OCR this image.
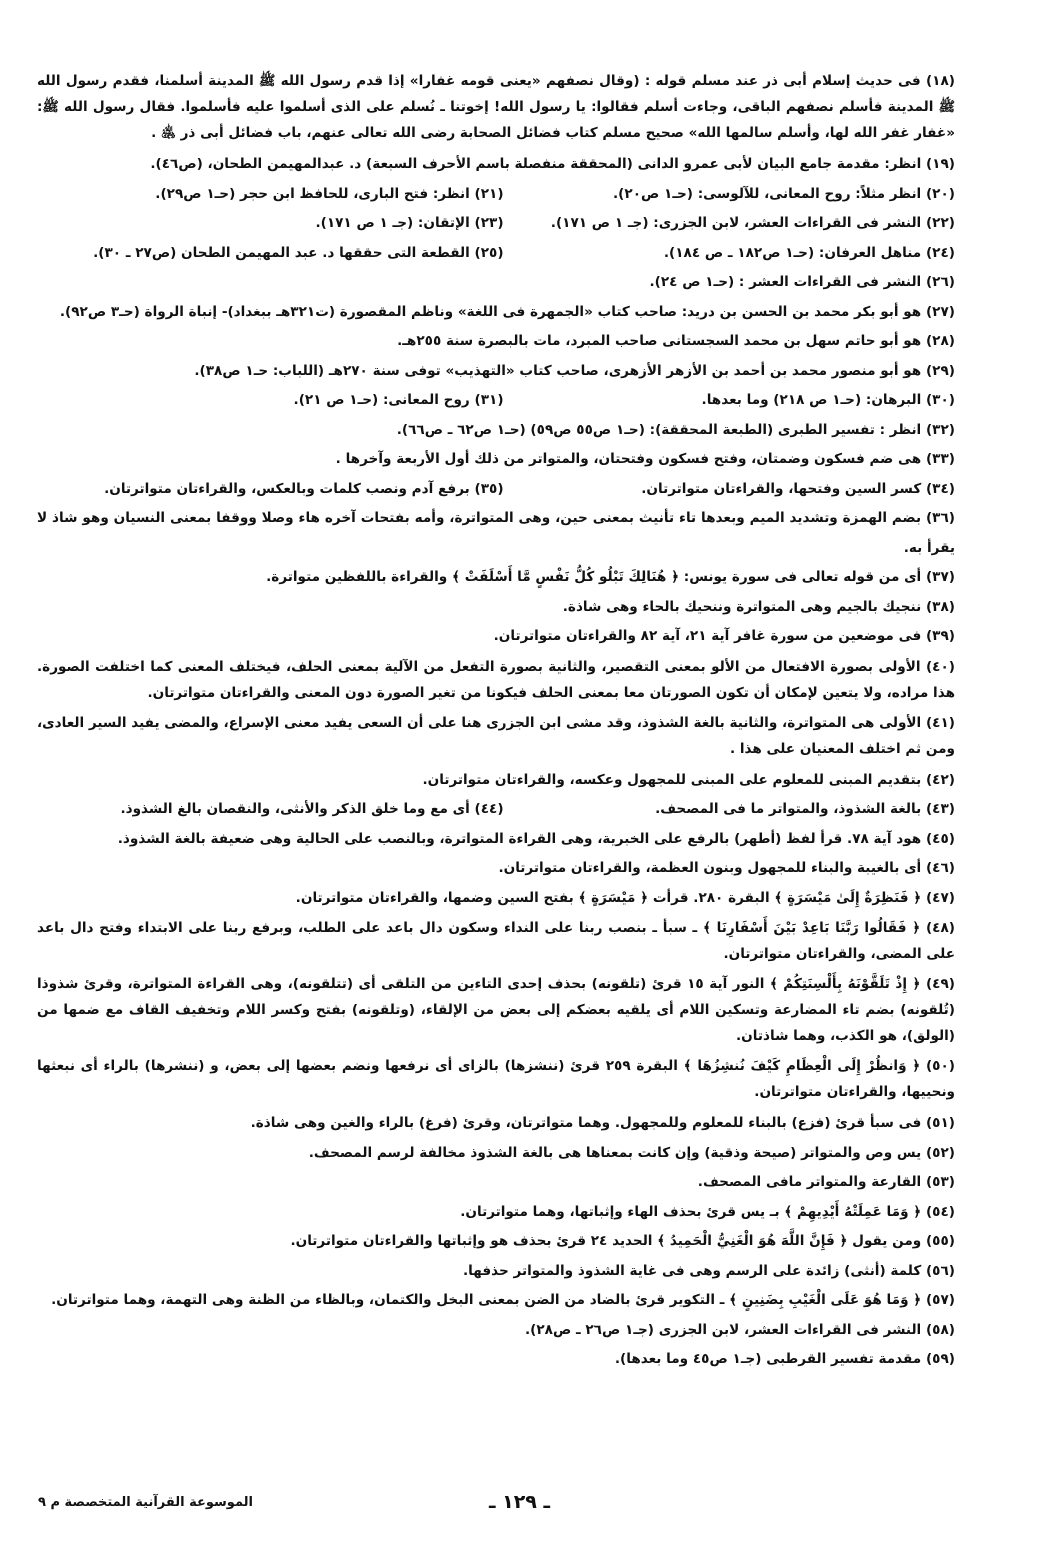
(١٨) فى حديث إسلام أبى ذر عند مسلم قوله : (وقال نصفهم «يعنى قومه غفارا» إذا قدم رسول الله ﷺ المدينة أسلمنا، فقدم رسول الله ﷺ المدينة فأسلم نصفهم الباقى، وجاءت أسلم فقالوا: يا رسول الله! إخوتنا ـ نُسلم على الذى أسلموا عليه فأسلموا. فقال رسول الله ﷺ: «غفار غفر الله لها، وأسلم سالمها الله» صحيح مسلم كتاب فضائل الصحابة رضى الله تعالى عنهم، باب فضائل أبى ذر ﵁ .
(١٩) انظر: مقدمة جامع البيان لأبى عمرو الدانى (المحققة منفصلة باسم الأحرف السبعة) د. عبدالمهيمن الطحان، (ص٤٦).
(٢٠) انظر مثلاً: روح المعانى، للآلوسى: (حـ١ ص٢٠).
(٢١) انظر: فتح البارى، للحافظ ابن حجر (حـ١ ص٢٩).
(٢٢) النشر فى القراءات العشر، لابن الجزرى: (جـ ١ ص ١٧١).
(٢٣) الإتقان: (جـ ١ ص ١٧١).
(٢٤) مناهل العرفان: (حـ١ ص١٨٢ ـ ص ١٨٤).
(٢٥) القطعة التى حققها د. عبد المهيمن الطحان (ص٢٧ ـ ٣٠).
(٢٦) النشر فى القراءات العشر : (حـ١ ص ٢٤).
(٢٧) هو أبو بكر محمد بن الحسن بن دريد: صاحب كتاب «الجمهرة فى اللغة» وناظم المقصورة (ت٣٢١هـ ببغداد)- إنباة الرواة (حـ٣ ص٩٢).
(٢٨) هو أبو حاتم سهل بن محمد السجستانى صاحب المبرد، مات بالبصرة سنة ٢٥٥هـ.
(٢٩) هو أبو منصور محمد بن أحمد بن الأزهر الأزهرى، صاحب كتاب «التهذيب» توفى سنة ٢٧٠هـ (اللباب: حـ١ ص٣٨).
(٣٠) البرهان: (حـ١ ص ٢١٨) وما بعدها.
(٣١) روح المعانى: (حـ١ ص ٢١).
(٣٢) انظر : تفسير الطبرى (الطبعة المحققة): (حـ١ ص٥٥ ص٥٩) (حـ١ ص٦٢ ـ ص٦٦).
(٣٣) هى ضم فسكون وضمتان، وفتح فسكون وفتحتان، والمتواتر من ذلك أول الأربعة وآخرها .
(٣٤) كسر السين وفتحها، والقراءتان متواترتان.
(٣٥) برفع آدم ونصب كلمات وبالعكس، والقراءتان متواترتان.
(٣٦) بضم الهمزة وتشديد الميم وبعدها تاء تأنيث بمعنى حين، وهى المتواترة، وأمه بفتحات آخره هاء وصلا ووقفا بمعنى النسيان وهو شاذ لا يقرأ به.
(٣٧) أى من قوله تعالى فى سورة يونس: ﴿ هُنَالِكَ تَبْلُو كُلُّ نَفْسٍ مَّا أَسْلَفَتْ ﴾ والقراءة باللفظين متواترة.
(٣٨) ننجيك بالجيم وهى المتواترة وننحيك بالحاء وهى شاذة.
(٣٩) فى موضعين من سورة غافر آية ٢١، آية ٨٢ والقراءتان متواترتان.
(٤٠) الأولى بصورة الافتعال من الألو بمعنى التقصير، والثانية بصورة التفعل من الآلية بمعنى الحلف، فيختلف المعنى كما اختلفت الصورة. هذا مراده، ولا يتعين لإمكان أن تكون الصورتان معا بمعنى الحلف فيكونا من تغير الصورة دون المعنى والقراءتان متواترتان.
(٤١) الأولى هى المتواترة، والثانية بالغة الشذوذ، وقد مشى ابن الجزرى هنا على أن السعى يفيد معنى الإسراع، والمضى يفيد السير العادى، ومن ثم اختلف المعنيان على هذا .
(٤٢) بتقديم المبنى للمعلوم على المبنى للمجهول وعكسه، والقراءتان متواترتان.
(٤٣) بالغة الشذوذ، والمتواتر ما فى المصحف.
(٤٤) أى مع وما خلق الذكر والأنثى، والنقصان بالغ الشذوذ.
(٤٥) هود آية ٧٨. قرأ لفظ (أطهر) بالرفع على الخبرية، وهى القراءة المتواترة، وبالنصب على الحالية وهى ضعيفة بالغة الشذوذ.
(٤٦) أى بالغيبة والبناء للمجهول وبنون العظمة، والقراءتان متواترتان.
(٤٧) ﴿ فَنَظِرَةٌ إِلَىٰ مَيْسَرَةٍ ﴾ البقرة ٢٨٠. قرأت ﴿ مَيْسَرَةٍ ﴾ بفتح السين وضمها، والقراءتان متواترتان.
(٤٨) ﴿ فَقَالُوا رَبَّنَا بَاعِدْ بَيْنَ أَسْفَارِنَا ﴾ ـ سبأ ـ بنصب ربنا على النداء وسكون دال باعد على الطلب، وبرفع ربنا على الابتداء وفتح دال باعد على المضى، والقراءتان متواترتان.
(٤٩) ﴿ إِذْ تَلَقَّوْنَهُ بِأَلْسِنَتِكُمْ ﴾ النور آية ١٥ قرئ (تلقونه) بحذف إحدى التاءين من التلقى أى (تتلقونه)، وهى القراءة المتواترة، وقرئ شذوذا (تُلقونه) بضم تاء المضارعة وتسكين اللام أى يلقيه بعضكم إلى بعض من الإلقاء، (وتلقونه) بفتح وكسر اللام وتخفيف القاف مع ضمها من (الولق)، هو الكذب، وهما شاذتان.
(٥٠) ﴿ وَانظُرْ إِلَى الْعِظَامِ كَيْفَ نُنشِزُهَا ﴾ البقرة ٢٥٩ قرئ (ننشزها) بالزاى أى نرفعها ونضم بعضها إلى بعض، و (ننشرها) بالراء أى نبعثها ونحييها، والقراءتان متواترتان.
(٥١) فى سبأ قرئ (فزع) بالبناء للمعلوم وللمجهول. وهما متواترتان، وقرئ (فرغ) بالراء والغين وهى شاذة.
(٥٢) يس وص والمتواتر (صيحة وذقية) وإن كانت بمعناها هى بالغة الشذوذ مخالفة لرسم المصحف.
(٥٣) القارعة والمتواتر مافى المصحف.
(٥٤) ﴿ وَمَا عَمِلَتْهُ أَيْدِيهِمْ ﴾ بـ يس قرئ بحذف الهاء وإثباتها، وهما متواترتان.
(٥٥) ومن يقول ﴿ فَإِنَّ اللَّهَ هُوَ الْغَنِيُّ الْحَمِيدُ ﴾ الحديد ٢٤ قرئ بحذف هو وإثباتها والقراءتان متواترتان.
(٥٦) كلمة (أنثى) زائدة على الرسم وهى فى غاية الشذوذ والمتواتر حذفها.
(٥٧) ﴿ وَمَا هُوَ عَلَى الْغَيْبِ بِضَنِينٍ ﴾ ـ التكوير قرئ بالضاد من الضن بمعنى البخل والكتمان، وبالظاء من الظنة وهى التهمة، وهما متواترتان.
(٥٨) النشر فى القراءات العشر، لابن الجزرى (جـ١ ص٢٦ ـ ص٢٨).
(٥٩) مقدمة تفسير القرطبى (جـ١ ص٤٥ وما بعدها).
ـ ١٢٩ ـ
الموسوعة القرآنية المتخصصة م ٩
